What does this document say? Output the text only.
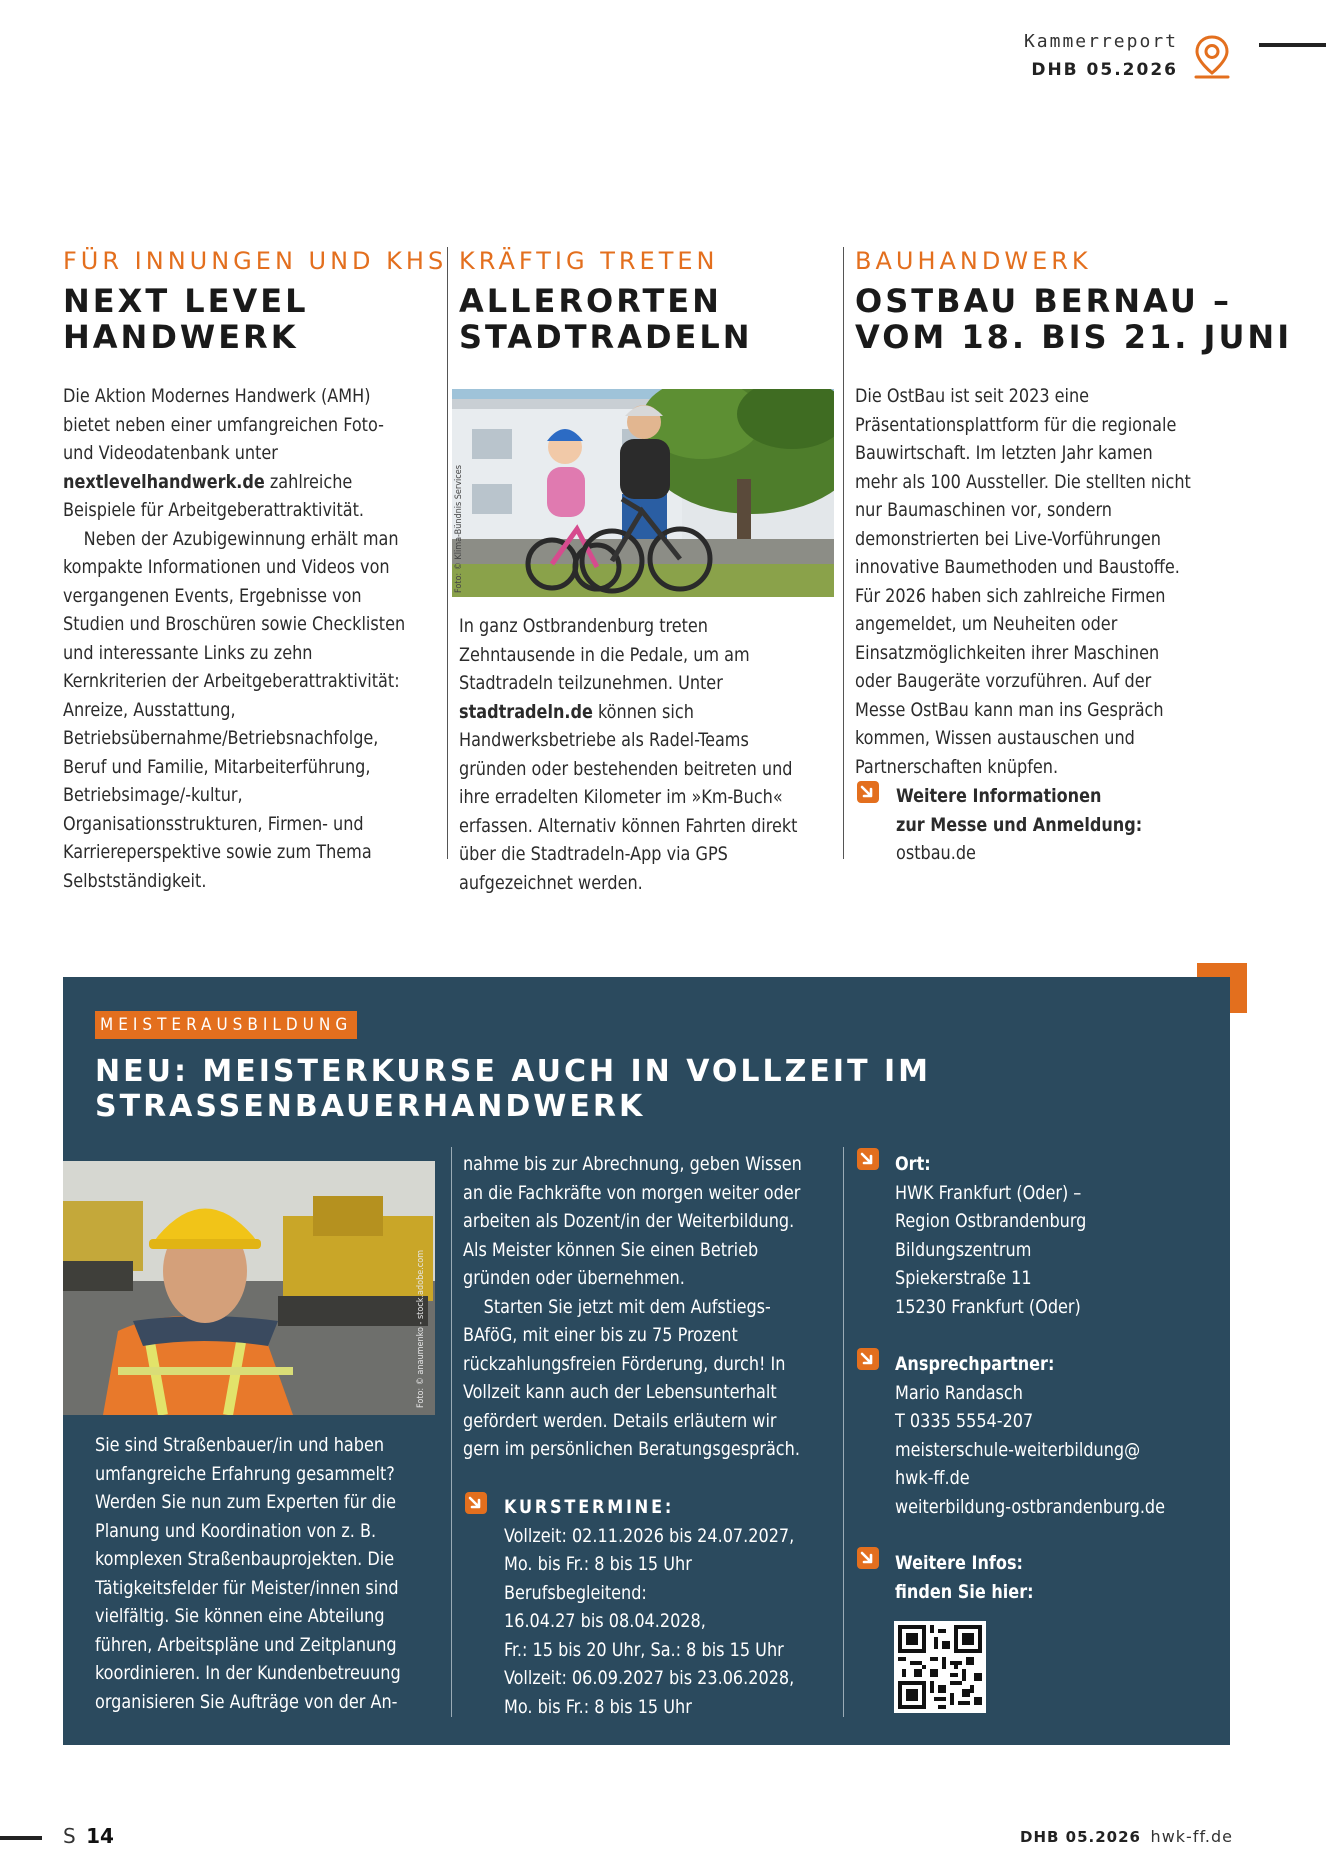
Kammerreport
DHB 05.2026
FÜR INNUNGEN UND KHS
NEXT LEVEL
HANDWERK

Die Aktion Modernes Handwerk (AMH) bietet neben einer umfangreichen Foto- und Videodatenbank unter nextlevelhandwerk.de zahlreiche Beispiele für Arbeitgeberattraktivität.

Neben der Azubigewinnung erhält man kompakte Informationen und Videos von vergangenen Events, Ergebnisse von Studien und Broschüren sowie Checklisten und interessante Links zu zehn Kernkriterien der Arbeitgeberattraktivität: Anreize, Ausstattung, Betriebsübernahme/Betriebsnachfolge, Beruf und Familie, Mitarbeiterführung, Betriebsimage/-kultur, Organisationsstrukturen, Firmen- und Karriereperspektive sowie zum Thema Selbstständigkeit.

KRÄFTIG TRETEN
ALLERORTEN
STADTRADELN
Foto: © Klima-Bündnis Services

In ganz Ostbrandenburg treten Zehntausende in die Pedale, um am Stadtradeln teilzunehmen. Unter stadtradeln.de können sich Handwerksbetriebe als Radel-Teams gründen oder bestehenden beitreten und ihre erradelten Kilometer im »Km-Buch« erfassen. Alternativ können Fahrten direkt über die Stadtradeln-App via GPS aufgezeichnet werden.

BAUHANDWERK
OSTBAU BERNAU –
VOM 18. BIS 21. JUNI

Die OstBau ist seit 2023 eine Präsentationsplattform für die regionale Bauwirtschaft. Im letzten Jahr kamen mehr als 100 Aussteller. Die stellten nicht nur Baumaschinen vor, sondern demonstrierten bei Live-Vorführungen innovative Baumethoden und Baustoffe. Für 2026 haben sich zahlreiche Firmen angemeldet, um Neuheiten oder Einsatzmöglichkeiten ihrer Maschinen oder Baugeräte vorzuführen. Auf der Messe OstBau kann man ins Gespräch kommen, Wissen austauschen und Partnerschaften knüpfen.

Weitere Informationen
zur Messe und Anmeldung:
ostbau.de
MEISTERAUSBILDUNG
NEU: MEISTERKURSE AUCH IN VOLLZEIT IM
STRASSENBAUERHANDWERK
Foto: © anaumenko - stock.adobe.com

Sie sind Straßenbauer/in und haben umfangreiche Erfahrung gesammelt? Werden Sie nun zum Experten für die Planung und Koordination von z. B. komplexen Straßenbauprojekten. Die Tätigkeitsfelder für Meister/innen sind vielfältig. Sie können eine Abteilung führen, Arbeitspläne und Zeitplanung koordinieren. In der Kundenbetreuung organisieren Sie Aufträge von der An-

nahme bis zur Abrechnung, geben Wissen an die Fachkräfte von morgen weiter oder arbeiten als Dozent/in der Weiterbildung. Als Meister können Sie einen Betrieb gründen oder übernehmen.

Starten Sie jetzt mit dem Aufstiegs-BAföG, mit einer bis zu 75 Prozent rückzahlungsfreien Förderung, durch! In Vollzeit kann auch der Lebensunterhalt gefördert werden. Details erläutern wir gern im persönlichen Beratungsgespräch.

KURSTERMINE:
Vollzeit: 02.11.2026 bis 24.07.2027,
Mo. bis Fr.: 8 bis 15 Uhr
Berufsbegleitend:
16.04.27 bis 08.04.2028,
Fr.: 15 bis 20 Uhr, Sa.: 8 bis 15 Uhr
Vollzeit: 06.09.2027 bis 23.06.2028,
Mo. bis Fr.: 8 bis 15 Uhr
Ort:
HWK Frankfurt (Oder) –
Region Ostbrandenburg
Bildungszentrum
Spiekerstraße 11
15230 Frankfurt (Oder)
Ansprechpartner:
Mario Randasch
T 0335 5554-207
meisterschule-weiterbildung@
hwk-ff.de
weiterbildung-ostbrandenburg.de
Weitere Infos:
finden Sie hier:
S 14	DHB 05.2026 hwk-ff.de
